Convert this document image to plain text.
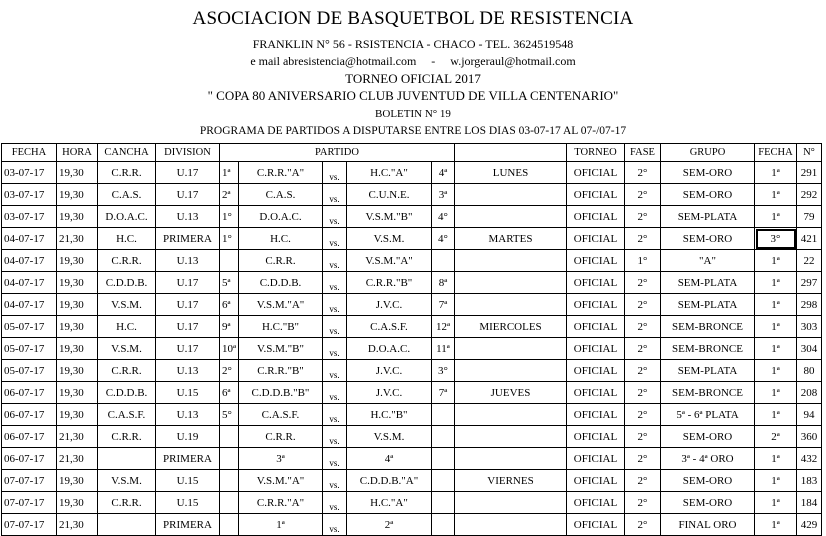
ASOCIACION DE BASQUETBOL DE RESISTENCIA
FRANKLIN N° 56 - RSISTENCIA - CHACO - TEL. 3624519548
e mail abresistencia@hotmail.com     -     w.jorgeraul@hotmail.com
TORNEO OFICIAL 2017
" COPA 80 ANIVERSARIO CLUB JUVENTUD DE VILLA CENTENARIO"
BOLETIN N° 19
PROGRAMA DE PARTIDOS A DISPUTARSE ENTRE LOS DIAS 03-07-17 AL 07-/07-17
FECHA	HORA	CANCHA	DIVISION	PARTIDO						TORNEO	FASE	GRUPO	FECHA	N°
03-07-17	19,30	C.R.R.	U.17	1ª	C.R.R."A"	vs.	H.C."A"	4ª	LUNES	OFICIAL	2°	SEM-ORO	1ª	291
03-07-17	19,30	C.A.S.	U.17	2ª	C.A.S.	vs.	C.U.N.E.	3ª		OFICIAL	2°	SEM-ORO	1ª	292
03-07-17	19,30	D.O.A.C.	U.13	1°	D.O.A.C.	vs.	V.S.M."B"	4°		OFICIAL	2°	SEM-PLATA	1ª	79
04-07-17	21,30	H.C.	PRIMERA	1°	H.C.	vs.	V.S.M.	4°	MARTES	OFICIAL	2°	SEM-ORO	3°	421
04-07-17	19,30	C.R.R.	U.13		C.R.R.	vs.	V.S.M."A"			OFICIAL	1°	"A"	1ª	22
04-07-17	19,30	C.D.D.B.	U.17	5ª	C.D.D.B.	vs.	C.R.R."B"	8ª		OFICIAL	2°	SEM-PLATA	1ª	297
04-07-17	19,30	V.S.M.	U.17	6ª	V.S.M."A"	vs.	J.V.C.	7ª		OFICIAL	2°	SEM-PLATA	1ª	298
05-07-17	19,30	H.C.	U.17	9ª	H.C."B"	vs.	C.A.S.F.	12ª	MIERCOLES	OFICIAL	2°	SEM-BRONCE	1ª	303
05-07-17	19,30	V.S.M.	U.17	10ª	V.S.M."B"	vs.	D.O.A.C.	11ª		OFICIAL	2°	SEM-BRONCE	1ª	304
05-07-17	19,30	C.R.R.	U.13	2°	C.R.R."B"	vs.	J.V.C.	3°		OFICIAL	2°	SEM-PLATA	1ª	80
06-07-17	19,30	C.D.D.B.	U.15	6ª	C.D.D.B."B"	vs.	J.V.C.	7ª	JUEVES	OFICIAL	2°	SEM-BRONCE	1ª	208
06-07-17	19,30	C.A.S.F.	U.13	5°	C.A.S.F.	vs.	H.C."B"			OFICIAL	2°	5ª - 6ª PLATA	1ª	94
06-07-17	21,30	C.R.R.	U.19		C.R.R.	vs.	V.S.M.			OFICIAL	2°	SEM-ORO	2ª	360
06-07-17	21,30		PRIMERA		3ª	vs.	4ª			OFICIAL	2°	3ª - 4ª ORO	1ª	432
07-07-17	19,30	V.S.M.	U.15		V.S.M."A"	vs.	C.D.D.B."A"		VIERNES	OFICIAL	2°	SEM-ORO	1ª	183
07-07-17	19,30	C.R.R.	U.15		C.R.R."A"	vs.	H.C."A"			OFICIAL	2°	SEM-ORO	1ª	184
07-07-17	21,30		PRIMERA		1ª	vs.	2ª			OFICIAL	2°	FINAL ORO	1ª	429
